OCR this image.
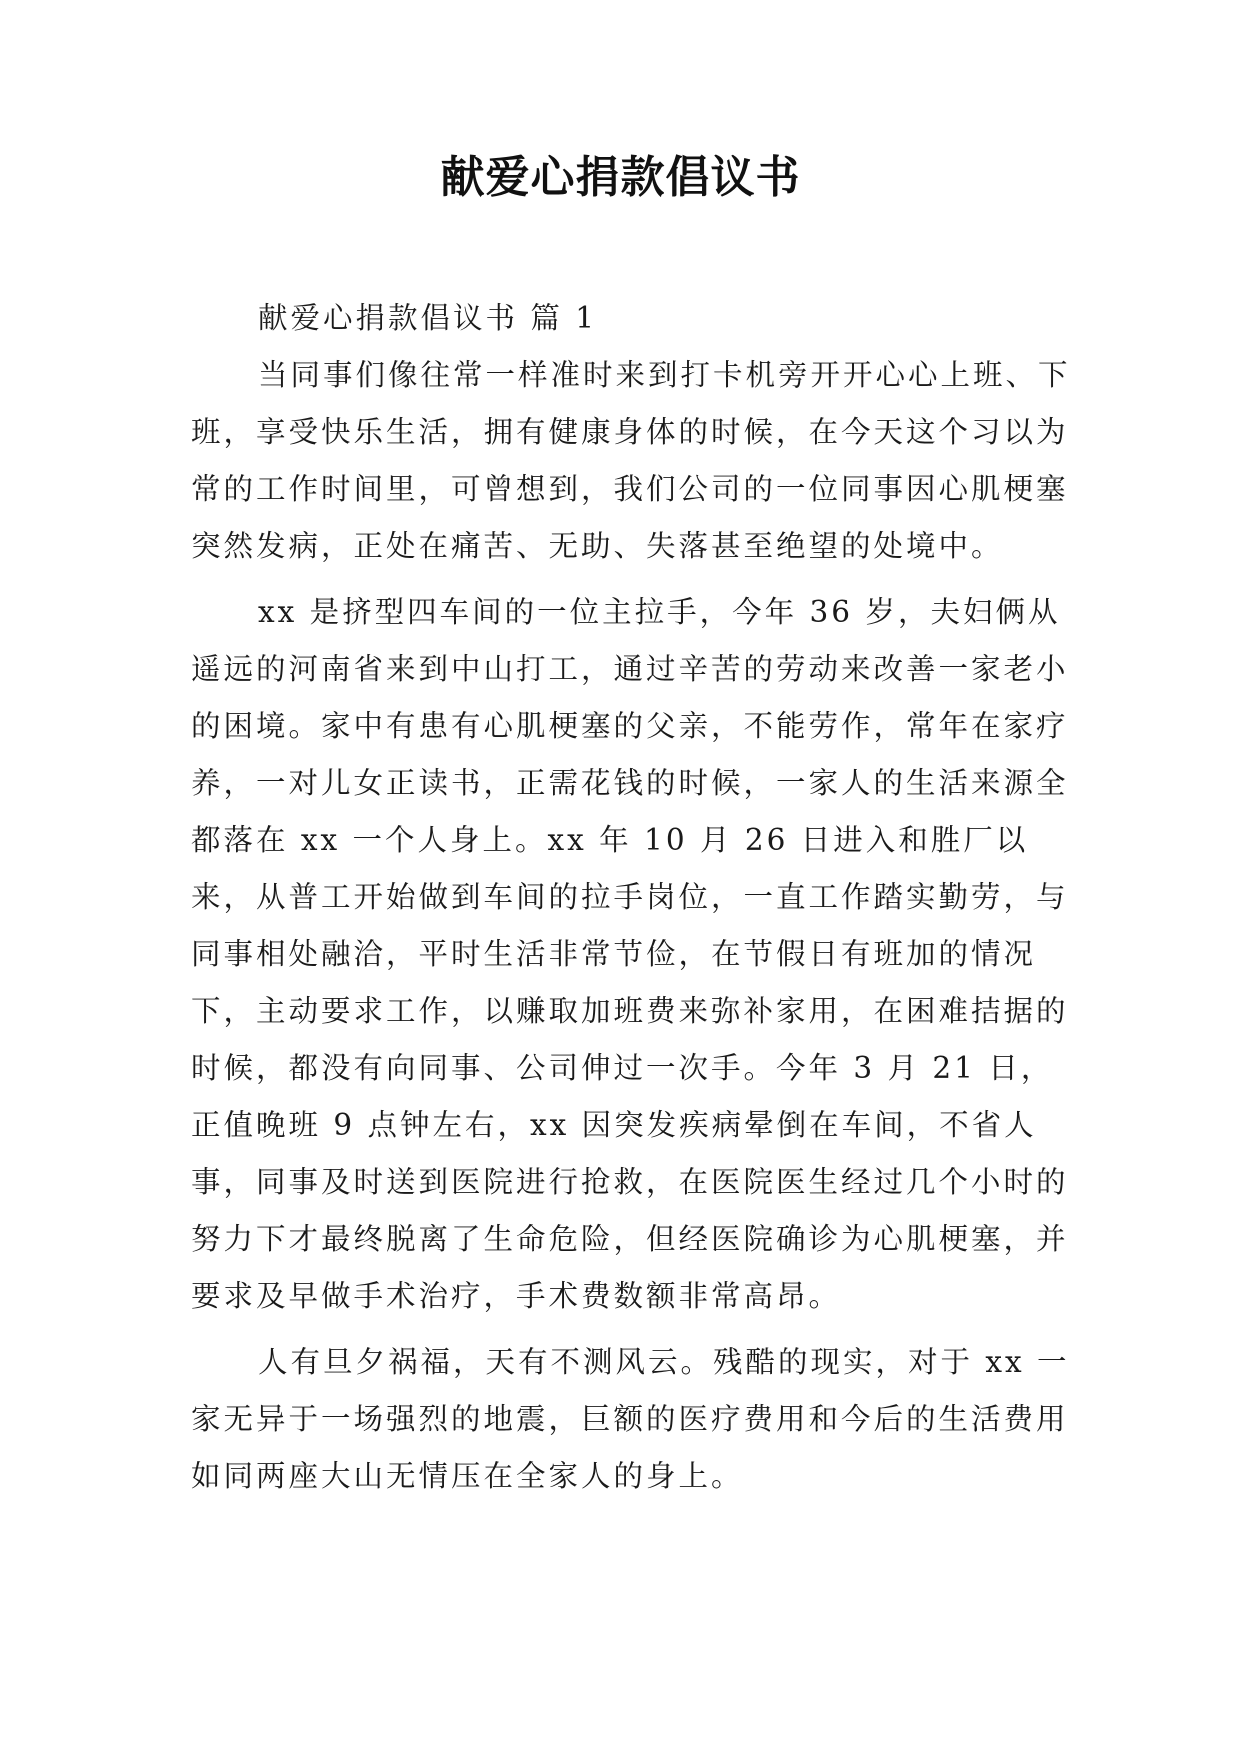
献爱心捐款倡议书

献爱心捐款倡议书 篇 1

当同事们像往常一样准时来到打卡机旁开开心心上班、下班，享受快乐生活，拥有健康身体的时候，在今天这个习以为常的工作时间里，可曾想到，我们公司的一位同事因心肌梗塞突然发病，正处在痛苦、无助、失落甚至绝望的处境中。

xx 是挤型四车间的一位主拉手，今年 36 岁，夫妇俩从遥远的河南省来到中山打工，通过辛苦的劳动来改善一家老小的困境。家中有患有心肌梗塞的父亲，不能劳作，常年在家疗养，一对儿女正读书，正需花钱的时候，一家人的生活来源全都落在 xx 一个人身上。xx 年 10 月 26 日进入和胜厂以来，从普工开始做到车间的拉手岗位，一直工作踏实勤劳，与同事相处融洽，平时生活非常节俭，在节假日有班加的情况下，主动要求工作，以赚取加班费来弥补家用，在困难拮据的时候，都没有向同事、公司伸过一次手。今年 3 月 21 日，正值晚班 9 点钟左右，xx 因突发疾病晕倒在车间，不省人事，同事及时送到医院进行抢救，在医院医生经过几个小时的努力下才最终脱离了生命危险，但经医院确诊为心肌梗塞，并要求及早做手术治疗，手术费数额非常高昂。

人有旦夕祸福，天有不测风云。残酷的现实，对于 xx 一家无异于一场强烈的地震，巨额的医疗费用和今后的生活费用如同两座大山无情压在全家人的身上。
